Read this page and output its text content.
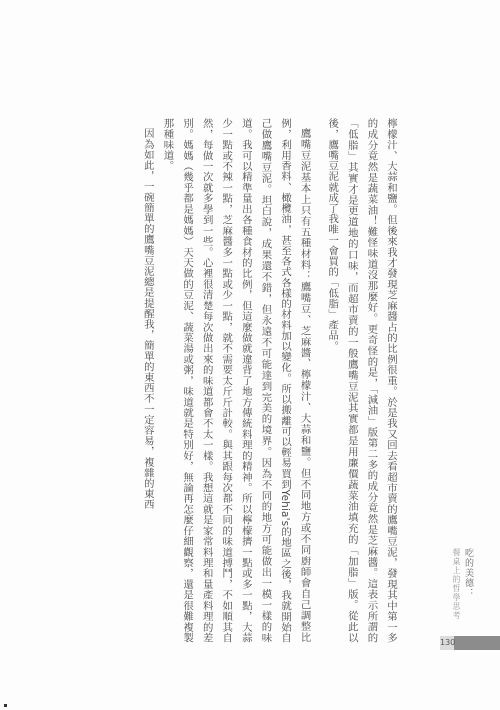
檸檬汁、大蒜和鹽。但後來我才發現芝麻醬占的比例很重。於是我又回去看超市賣的鷹嘴豆泥，發現其中第一多的成分竟然是蔬菜油！難怪味道沒那麼好。更奇怪的是，「減油」版第二多的成分竟然是芝麻醬。這表示所謂的「低脂」其實才是更道地的口味，而超市賣的一般鷹嘴豆泥其實都是用廉價蔬菜油填充的「加脂」版。從此以後，鷹嘴豆泥就成了我唯一會買的「低脂」產品。

鷹嘴豆泥基本上只有五種材料：鷹嘴豆、芝麻醬、檸檬汁、大蒜和鹽。但不同地方或不同廚師會自己調整比例，利用香料、橄欖油，甚至各式各樣的材料加以變化。所以搬離可以輕易買到Yehia's的地區之後，我就開始自己做鷹嘴豆泥。坦白說，成果還不錯，但永遠不可能達到完美的境界。因為不同的地方可能做出一模一樣的味道。我可以精準量出各種食材的比例，但這麼做就違背了地方傳統料理的精神。所以檸檬擠一點或多一點，大蒜少一點或不辣一點，芝麻醬多一點或少一點，就不需要太斤斤計較。與其跟每次都不同的味道搏鬥，不如順其自然，每做一次就多學到一些。心裡很清楚每次做出來的味道都會不太一樣。我想這就是家常料理和量產料理的差別。媽媽（幾乎都是媽媽）天天做的豆泥、蔬菜湯或粥，味道就是特別好，無論再怎麼仔細觀察，還是很難複製那種味道。

因為如此，一碗簡單的鷹嘴豆泥總是提醒我，簡單的東西不一定容易，複雜的東西

吃的美德：
餐桌上的哲學思考
130
